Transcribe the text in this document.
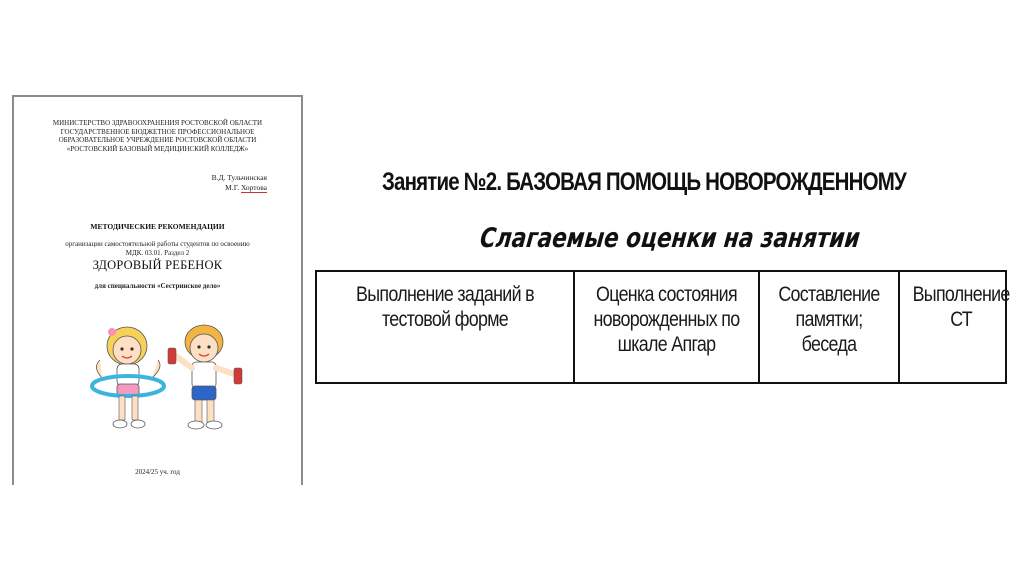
МИНИСТЕРСТВО ЗДРАВООХРАНЕНИЯ РОСТОВСКОЙ ОБЛАСТИ
ГОСУДАРСТВЕННОЕ БЮДЖЕТНОЕ ПРОФЕССИОНАЛЬНОЕ
ОБРАЗОВАТЕЛЬНОЕ УЧРЕЖДЕНИЕ РОСТОВСКОЙ ОБЛАСТИ
«РОСТОВСКИЙ БАЗОВЫЙ МЕДИЦИНСКИЙ КОЛЛЕДЖ»
В.Д. Тульчинская
М.Г. Хортова
МЕТОДИЧЕСКИЕ РЕКОМЕНДАЦИИ
организации самостоятельной работы студентов по освоению
МДК. 03.01. Раздел 2
ЗДОРОВЫЙ РЕБЕНОК
для специальности «Сестринское дело»
2024/25 уч. год
Занятие №2. БАЗОВАЯ ПОМОЩЬ НОВОРОЖДЕННОМУ
Слагаемые оценки на занятии
Выполнение заданий в тестовой форме	Оценка состояния новорожденных по шкале Апгар	Составление памятки; беседа	Выполнение СТ
